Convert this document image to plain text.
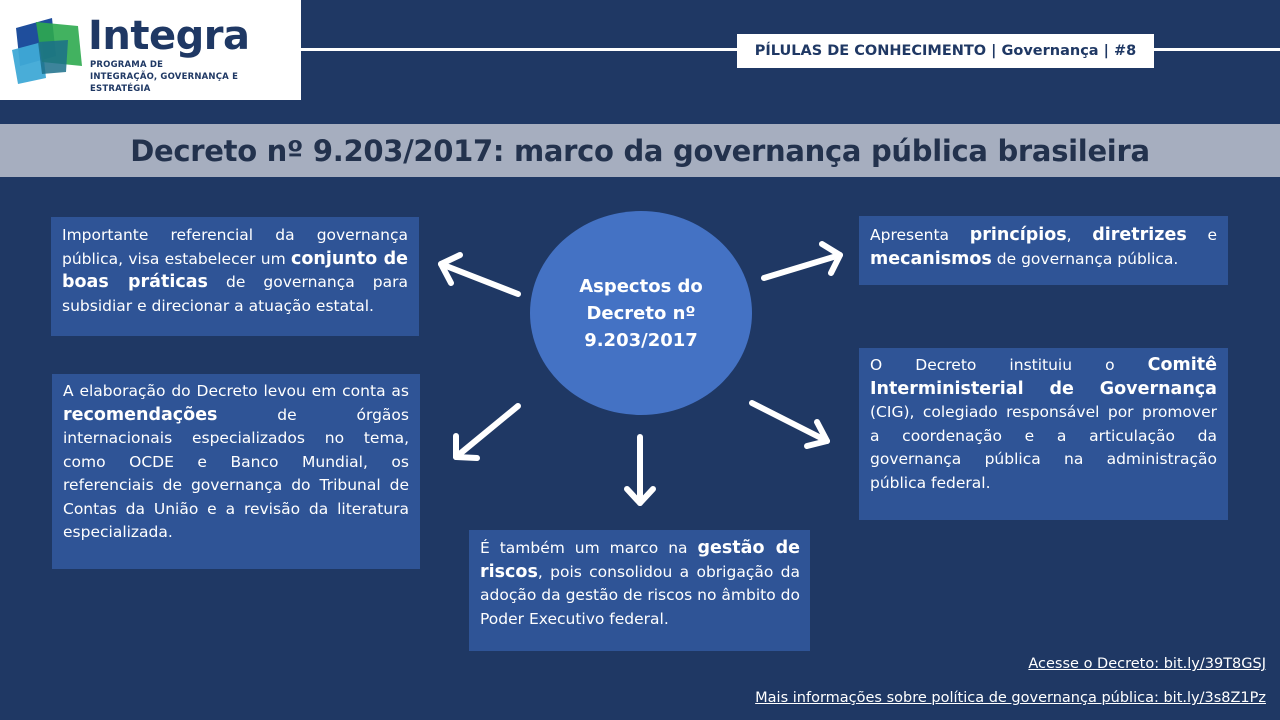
Integra
PROGRAMA DE
INTEGRAÇÃO, GOVERNANÇA E ESTRATÉGIA
PÍLULAS DE CONHECIMENTO | Governança | #8
Decreto nº 9.203/2017: marco da governança pública brasileira
Aspectos do
Decreto nº
9.203/2017
Importante referencial da governança pública, visa estabelecer um conjunto de boas práticas de governança para subsidiar e direcionar a atuação estatal.
A elaboração do Decreto levou em conta as recomendações de órgãos internacionais especializados no tema, como OCDE e Banco Mundial, os referenciais de governança do Tribunal de Contas da União e a revisão da literatura especializada.
É também um marco na gestão de riscos, pois consolidou a obrigação da adoção da gestão de riscos no âmbito do Poder Executivo federal.
Apresenta princípios, diretrizes e mecanismos de governança pública.
O Decreto instituiu o Comitê Interministerial de Governança (CIG), colegiado responsável por promover a coordenação e a articulação da governança pública na administração pública federal.
Acesse o Decreto: bit.ly/39T8GSJ
Mais informações sobre política de governança pública: bit.ly/3s8Z1Pz
